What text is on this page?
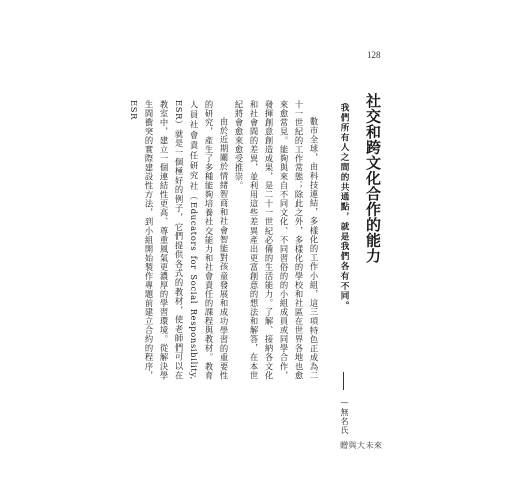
128
社交和跨文化合作的能力
我們所有人之間的共通點，就是我們各有不同。
—無名氏

數市全球，由科技連結，多樣化的工作小組，這三項特色正成為二十一世紀的工作常態；除此之外，多樣化的學校和社區在世界各地也愈來愈常見。能夠與來自不同文化、不同習俗的的小組成員或同學合作，發揮創意創造成果，是二十一世紀必備的生活能力。了解、接納各文化和社會間的差異，並利用這些差異產出更富創意的想法和解答，在本世紀將會愈來愈受推崇。

由於近期關於情緒智商和社會智能對孩童發展和成功學習的重要性的研究，產生了多種能夠培養社交能力和社會責任的課程與教材。教育人員社會責任研究社（Educators for Social Responsibility, ESR）就是一個極好的例子，它們提供各式的教材，使老師們可以在教室中，建立一個連結性更高、尊重風氣更濃厚的學習環境。從解決學生間衝突的實際建設性方法，到小組開始製作專題前建立合約的程序，ESR

贈與大未來
